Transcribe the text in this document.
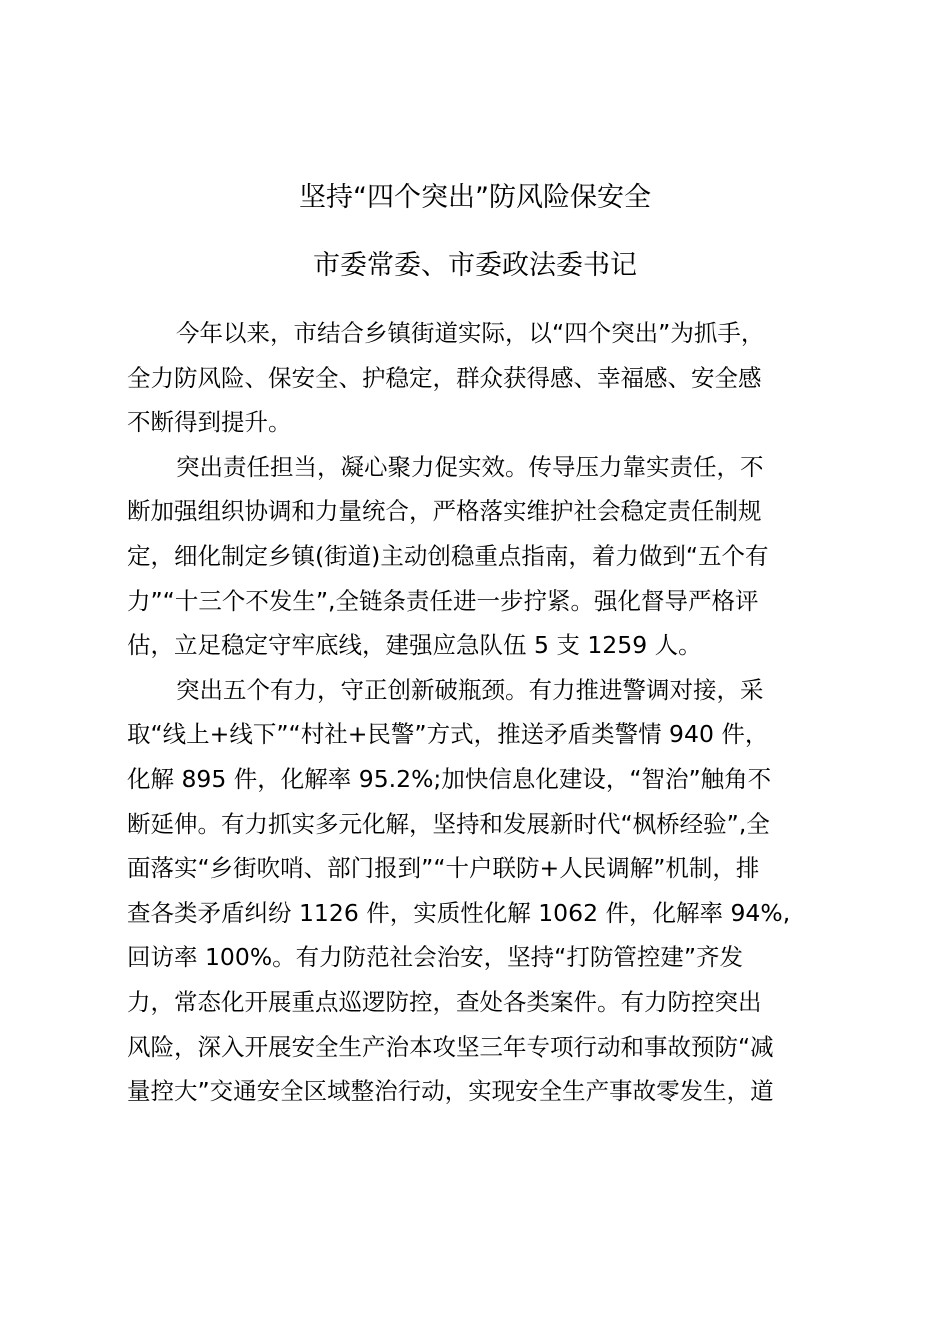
坚持“四个突出”防风险保安全
市委常委、市委政法委书记
今年以来，市结合乡镇街道实际，以“四个突出”为抓手，
全力防风险、保安全、护稳定，群众获得感、幸福感、安全感
不断得到提升。
突出责任担当，凝心聚力促实效。传导压力靠实责任，不
断加强组织协调和力量统合，严格落实维护社会稳定责任制规
定，细化制定乡镇(街道)主动创稳重点指南，着力做到“五个有
力”“十三个不发生”,全链条责任进一步拧紧。强化督导严格评
估，立足稳定守牢底线，建强应急队伍 5 支 1259 人。
突出五个有力，守正创新破瓶颈。有力推进警调对接，采
取“线上+线下”“村社+民警”方式，推送矛盾类警情 940 件，
化解 895 件，化解率 95.2%;加快信息化建设，“智治”触角不
断延伸。有力抓实多元化解，坚持和发展新时代“枫桥经验”,全
面落实“乡街吹哨、部门报到”“十户联防+人民调解”机制，排
查各类矛盾纠纷 1126 件，实质性化解 1062 件，化解率 94%,
回访率 100%。有力防范社会治安，坚持“打防管控建”齐发
力，常态化开展重点巡逻防控，查处各类案件。有力防控突出
风险，深入开展安全生产治本攻坚三年专项行动和事故预防“减
量控大”交通安全区域整治行动，实现安全生产事故零发生，道
